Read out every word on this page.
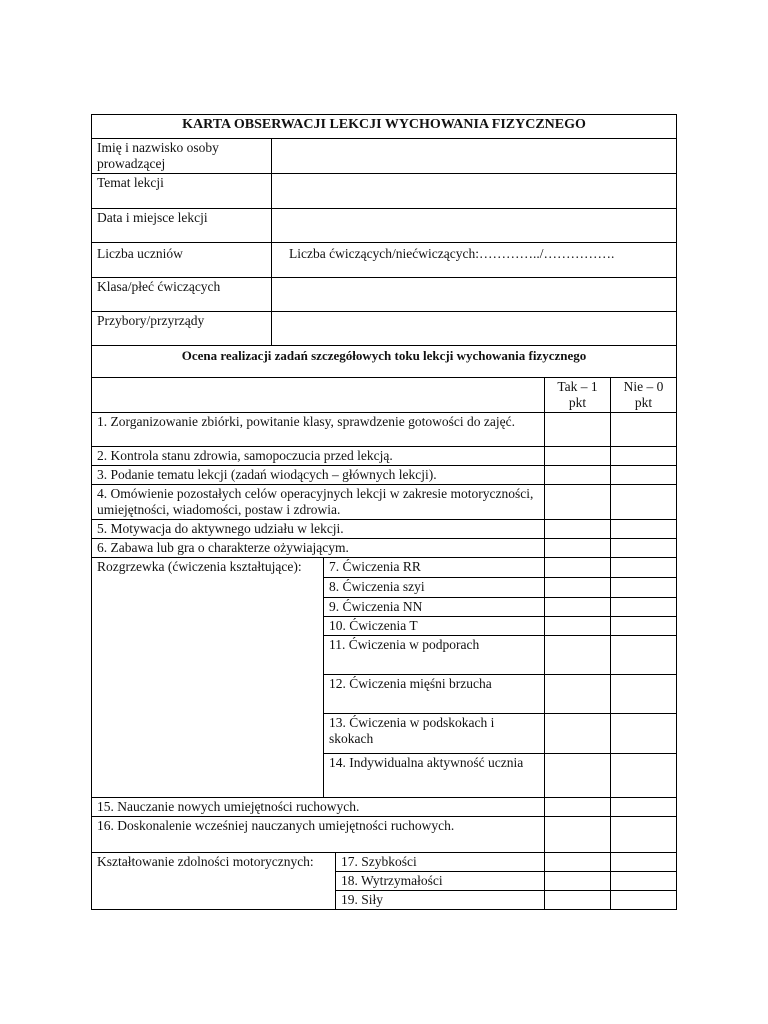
KARTA OBSERWACJI LEKCJI WYCHOWANIA FIZYCZNEGO					
Imię i nazwisko osoby prowadzącej					
Temat lekcji					
Data i miejsce lekcji					
Liczba uczniów	Liczba ćwiczących/niećwiczących:…………../…………….				
Klasa/płeć ćwiczących					
Przybory/przyrządy					
Ocena realizacji zadań szczegółowych toku lekcji wychowania fizycznego					
				Tak – 1 pkt	Nie – 0 pkt
1. Zorganizowanie zbiórki, powitanie klasy, sprawdzenie gotowości do zajęć.					
2. Kontrola stanu zdrowia, samopoczucia przed lekcją.					
3. Podanie tematu lekcji (zadań wiodących – głównych lekcji).					
4. Omówienie pozostałych celów operacyjnych lekcji w zakresie motoryczności, umiejętności, wiadomości, postaw i zdrowia.					
5. Motywacja do aktywnego udziału w lekcji.					
6. Zabawa lub gra o charakterze ożywiającym.					
Rozgrzewka (ćwiczenia kształtujące):		7. Ćwiczenia RR			
		8. Ćwiczenia szyi			
		9. Ćwiczenia NN			
		10. Ćwiczenia T			
		11. Ćwiczenia w podporach			
		12. Ćwiczenia mięśni brzucha			
		13. Ćwiczenia w podskokach i skokach			
		14. Indywidualna aktywność ucznia			
15. Nauczanie nowych umiejętności ruchowych.					
16. Doskonalenie wcześniej nauczanych umiejętności ruchowych.					
Kształtowanie zdolności motorycznych:			17. Szybkości		
			18. Wytrzymałości		
			19. Siły		
